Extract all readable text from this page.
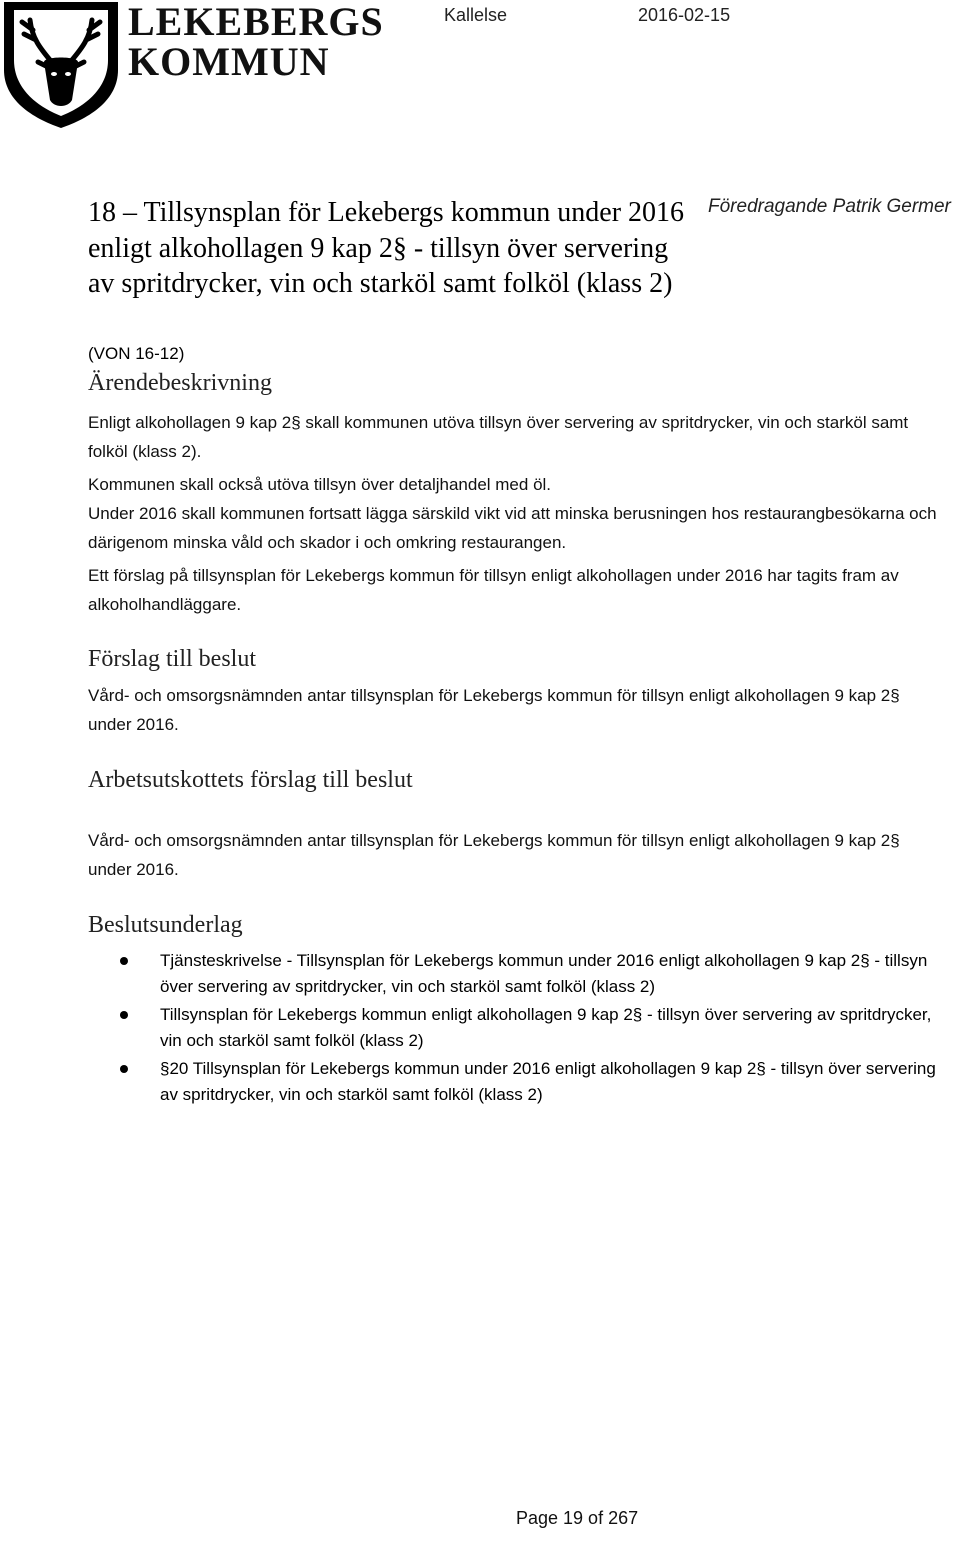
LEKEBERGS
KOMMUN
Kallelse	2016-02-15
18 – Tillsynsplan för Lekebergs kommun under 2016 enligt alkohollagen 9 kap 2§ - tillsyn över servering av spritdrycker, vin och starköl samt folköl (klass 2)
Föredragande Patrik Germer
(VON 16-12)
Ärendebeskrivning

Enligt alkohollagen 9 kap 2§ skall kommunen utöva tillsyn över servering av spritdrycker, vin och starköl samt folköl (klass 2).

Kommunen skall också utöva tillsyn över detaljhandel med öl.

Under 2016 skall kommunen fortsatt lägga särskild vikt vid att minska berusningen hos restaurangbesökarna och därigenom minska våld och skador i och omkring restaurangen.

Ett förslag på tillsynsplan för Lekebergs kommun för tillsyn enligt alkohollagen under 2016 har tagits fram av alkoholhandläggare.

Förslag till beslut

Vård- och omsorgsnämnden antar tillsynsplan för Lekebergs kommun för tillsyn enligt alkohollagen 9 kap 2§ under 2016.

Arbetsutskottets förslag till beslut

Vård- och omsorgsnämnden antar tillsynsplan för Lekebergs kommun för tillsyn enligt alkohollagen 9 kap 2§ under 2016.

Beslutsunderlag
Tjänsteskrivelse - Tillsynsplan för Lekebergs kommun under 2016 enligt alkohollagen 9 kap 2§ - tillsyn över servering av spritdrycker, vin och starköl samt folköl (klass 2)
Tillsynsplan för Lekebergs kommun enligt alkohollagen 9 kap 2§ - tillsyn över servering av spritdrycker, vin och starköl samt folköl (klass 2)
§20 Tillsynsplan för Lekebergs kommun under 2016 enligt alkohollagen 9 kap 2§ - tillsyn över servering av spritdrycker, vin och starköl samt folköl (klass 2)
Page 19 of 267
